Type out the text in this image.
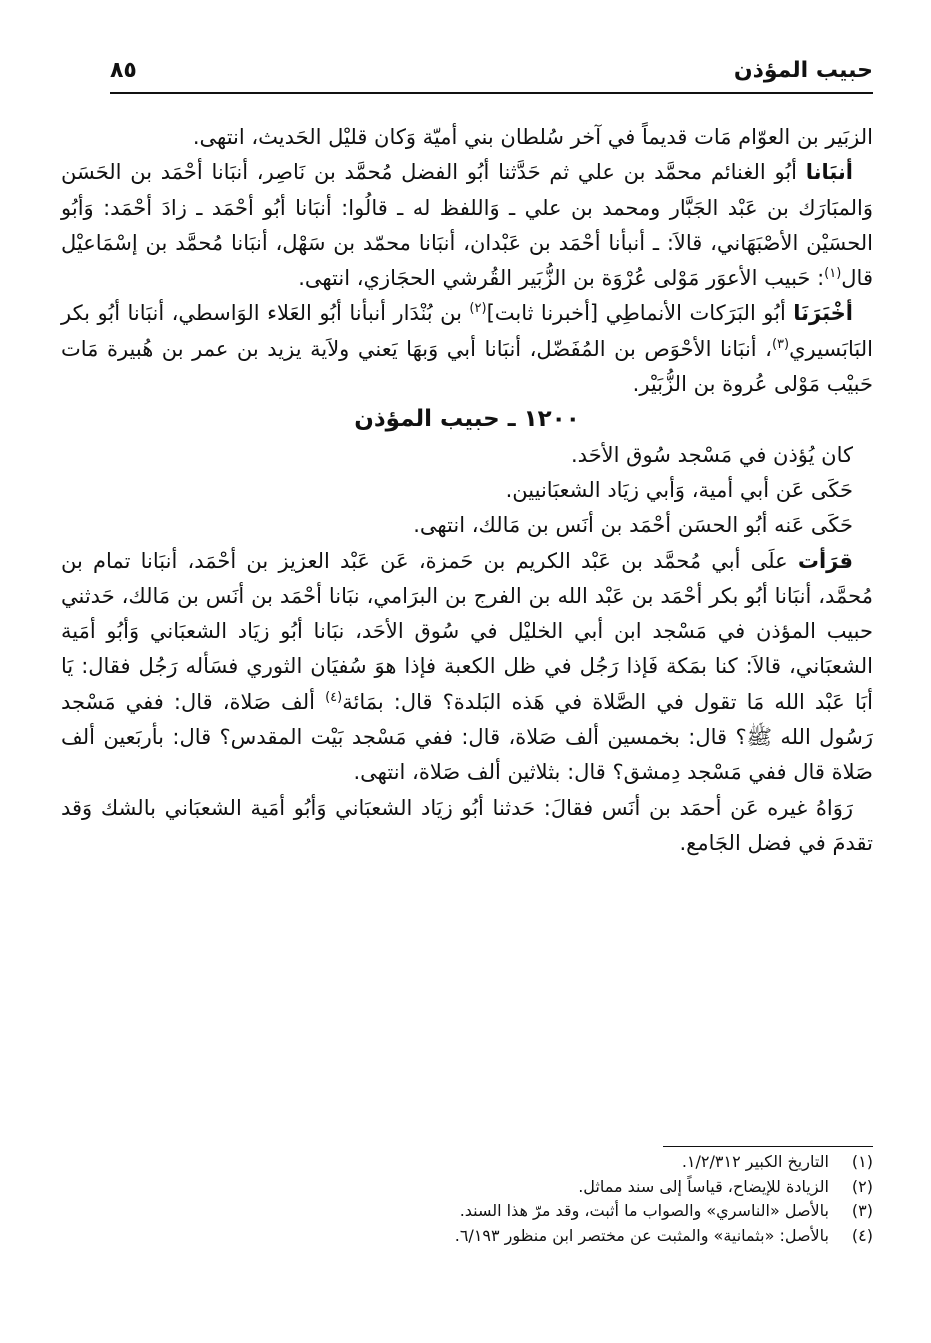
حبيب المؤذن
٨٥

الزبَير بن العوّام مَات قديماً في آخر سُلطان بني أميّة وَكان قليْل الحَديث، انتهى.

أنبَانا أبُو الغنائم محمَّد بن علي ثم حَدَّثنا أبُو الفضل مُحمَّد بن نَاصِر، أنبَانا أحْمَد بن الحَسَن وَالمبَارَك بن عَبْد الجَبَّار ومحمد بن علي ـ وَاللفظ له ـ قالُوا: أنبَانا أبُو أحْمَد ـ زادَ أحْمَد: وَأبُو الحسَيْن الأصْبَهَاني، قالاَ: ـ أنبأنا أحْمَد بن عَبْدان، أنبَانا محمّد بن سَهْل، أنبَانا مُحمَّد بن إسْمَاعيْل قال$^{(١)}$: حَبيب الأعوَر مَوْلى عُرْوَة بن الزُّبَير القُرشي الحجَازي، انتهى.

أخْبَرَنَا أبُو البَرَكات الأنماطِي [أخبرنا ثابت]$^{(٢)}$ بن بُنْدَار أنبأنا أبُو العَلاء الوَاسطي، أنبَانا أبُو بكر البَابَسيري$^{(٣)}$، أنبَانا الأحْوَص بن المُفَضّل، أنبَانا أبي وَبهَا يَعني ولاَية يزيد بن عمر بن هُبيرة مَات حَبيْب مَوْلى عُروة بن الزُّبَيْر.

١٢٠٠ ـ حبيب المؤذن

كان يُؤذن في مَسْجد سُوق الأحَد.

حَكَى عَن أبي أمية، وَأبي زيَاد الشعبَانيين.

حَكَى عَنه أبُو الحسَن أحْمَد بن أنَس بن مَالك، انتهى.

قرَأت علَى أبي مُحمَّد بن عَبْد الكريم بن حَمزة، عَن عَبْد العزيز بن أحْمَد، أنبَانا تمام بن مُحمَّد، أنبَانا أبُو بكر أحْمَد بن عَبْد الله بن الفرج بن البرَامي، نبَانا أحْمَد بن أنَس بن مَالك، حَدثني حبيب المؤذن في مَسْجد ابن أبي الخليْل في سُوق الأحَد، نبَانا أبُو زيَاد الشعبَاني وَأبُو أمَية الشعبَاني، قالاَ: كنا بمَكة فَإذا رَجُل في ظل الكعبة فإذا هوَ سُفيَان الثوري فسَأله رَجُل فقال: يَا أبَا عَبْد الله مَا تقول في الصَّلاة في هَذه البَلدة؟ قال: بمَائة$^{(٤)}$ ألف صَلاة، قال: ففي مَسْجد رَسُول الله ﷺ؟ قال: بخمسين ألف صَلاة، قال: ففي مَسْجد بَيْت المقدس؟ قال: بأربَعين ألف صَلاة قال ففي مَسْجد دِمشق؟ قال: بثلاثين ألف صَلاة، انتهى.

رَوَاهُ غيره عَن أحمَد بن أنَس فقالَ: حَدثنا أبُو زيَاد الشعبَاني وَأبُو أمَية الشعبَاني بالشك وَقد تقدمَ في فضل الجَامع.

(١)
التاريخ الكبير ١/٢/٣١٢.
(٢)
الزيادة للإيضاح، قياساً إلى سند مماثل.
(٣)
بالأصل «الناسري» والصواب ما أثبت، وقد مرّ هذا السند.
(٤)
بالأصل: «بثمانية» والمثبت عن مختصر ابن منظور ٦/١٩٣.
